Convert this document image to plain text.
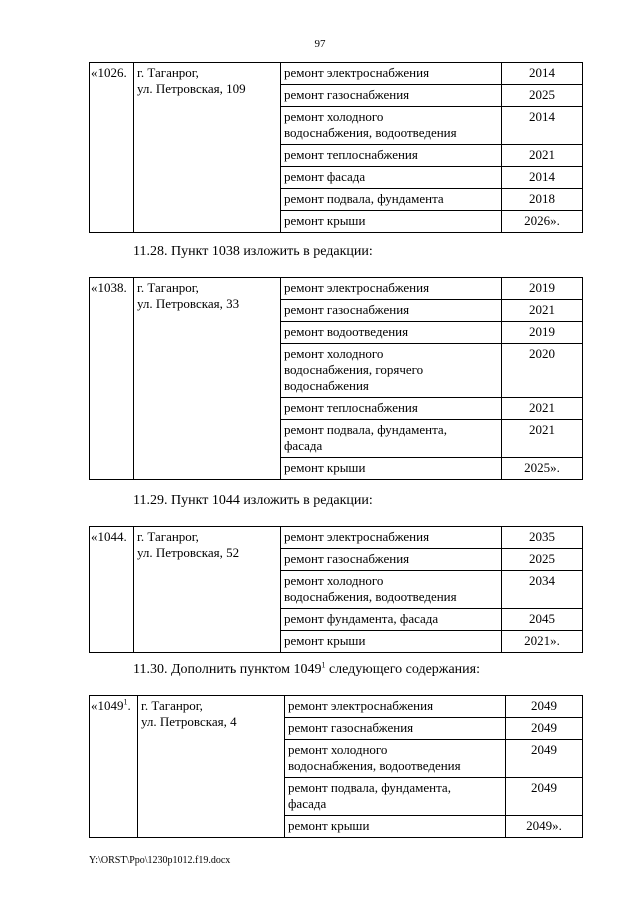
97
«1026.	г. Таганрог,
ул. Петровская, 109	ремонт электроснабжения	2014
		ремонт газоснабжения	2025
		ремонт холодного
водоснабжения, водоотведения	2014
		ремонт теплоснабжения	2021
		ремонт фасада	2014
		ремонт подвала, фундамента	2018
		ремонт крыши	2026».
11.28. Пункт 1038 изложить в редакции:
«1038.	г. Таганрог,
ул. Петровская, 33	ремонт электроснабжения	2019
		ремонт газоснабжения	2021
		ремонт водоотведения	2019
		ремонт холодного
водоснабжения, горячего
водоснабжения	2020
		ремонт теплоснабжения	2021
		ремонт подвала, фундамента,
фасада	2021
		ремонт крыши	2025».
11.29. Пункт 1044 изложить в редакции:
«1044.	г. Таганрог,
ул. Петровская, 52	ремонт электроснабжения	2035
		ремонт газоснабжения	2025
		ремонт холодного
водоснабжения, водоотведения	2034
		ремонт фундамента, фасада	2045
		ремонт крыши	2021».
11.30. Дополнить пунктом 1049$^1$ следующего содержания:
«1049$^1$.	г. Таганрог,
ул. Петровская, 4	ремонт электроснабжения	2049
		ремонт газоснабжения	2049
		ремонт холодного
водоснабжения, водоотведения	2049
		ремонт подвала, фундамента,
фасада	2049
		ремонт крыши	2049».
Y:\ORST\Ppo\1230p1012.f19.docx
